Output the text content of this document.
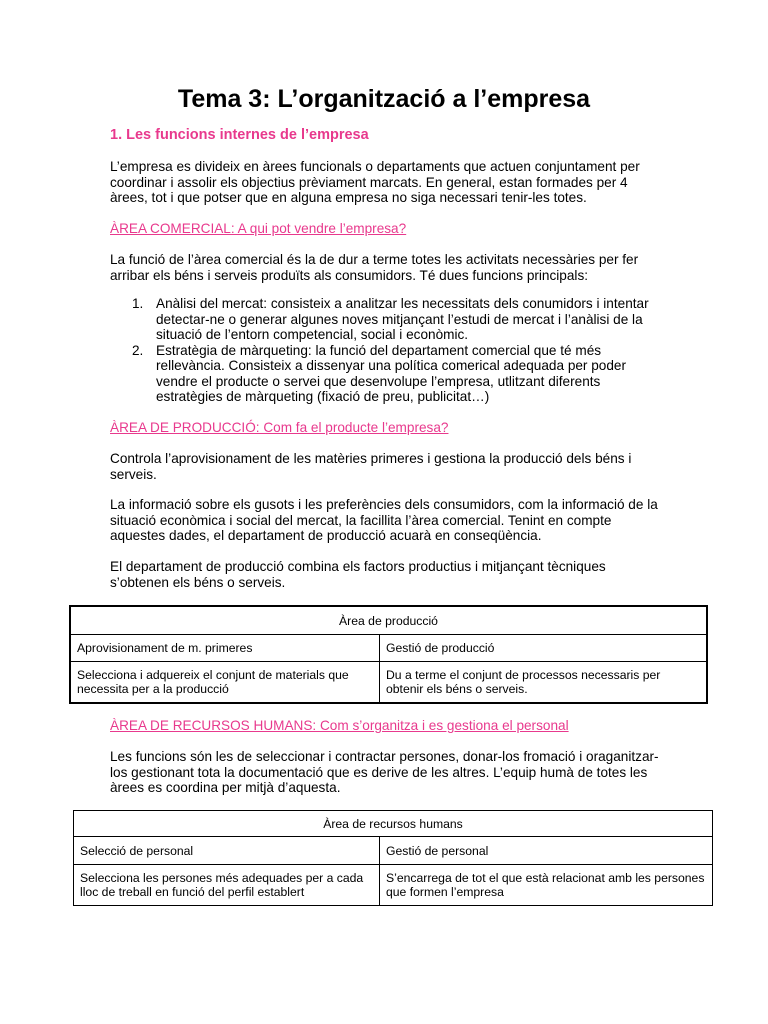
Tema 3: L’organització a l’empresa

1. Les funcions internes de l’empresa

L’empresa es divideix en àrees funcionals o departaments que actuen conjuntament per coordinar i assolir els objectius prèviament marcats. En general, estan formades per 4 àrees, tot i que potser que en alguna empresa no siga necessari tenir-les totes.

ÀREA COMERCIAL: A qui pot vendre l’empresa?

La funció de l’àrea comercial és la de dur a terme totes les activitats necessàries per fer arribar els béns i serveis produïts als consumidors. Té dues funcions principals:

1. Anàlisi del mercat: consisteix a analitzar les necessitats dels conumidors i intentar detectar-ne o generar algunes noves mitjançant l’estudi de mercat i l’anàlisi de la situació de l’entorn competencial, social i econòmic.
2. Estratègia de màrqueting: la funció del departament comercial que té més rellevància. Consisteix a dissenyar una política comerical adequada per poder vendre el producte o servei que desenvolupe l’empresa, utlitzant diferents estratègies de màrqueting (fixació de preu, publicitat…)

ÀREA DE PRODUCCIÓ: Com fa el producte l’empresa?

Controla l’aprovisionament de les matèries primeres i gestiona la producció dels béns i serveis.

La informació sobre els gusots i les preferències dels consumidors, com la informació de la situació econòmica i social del mercat, la facillita l’àrea comercial. Tenint en compte aquestes dades, el departament de producció acuarà en conseqüència.

El departament de producció combina els factors productius i mitjançant tècniques s’obtenen els béns o serveis.

Àrea de producció	
Aprovisionament de m. primeres	Gestió de producció
Selecciona i adquereix el conjunt de materials que necessita per a la producció	Du a terme el conjunt de processos necessaris per obtenir els béns o serveis.

ÀREA DE RECURSOS HUMANS: Com s’organitza i es gestiona el personal

Les funcions són les de seleccionar i contractar persones, donar-los fromació i oraganitzar-los gestionant tota la documentació que es derive de les altres. L’equip humà de totes les àrees es coordina per mitjà d’aquesta.

Àrea de recursos humans	
Selecció de personal	Gestió de personal
Selecciona les persones més adequades per a cada lloc de treball en funció del perfil establert	S’encarrega de tot el que està relacionat amb les persones que formen l’empresa
